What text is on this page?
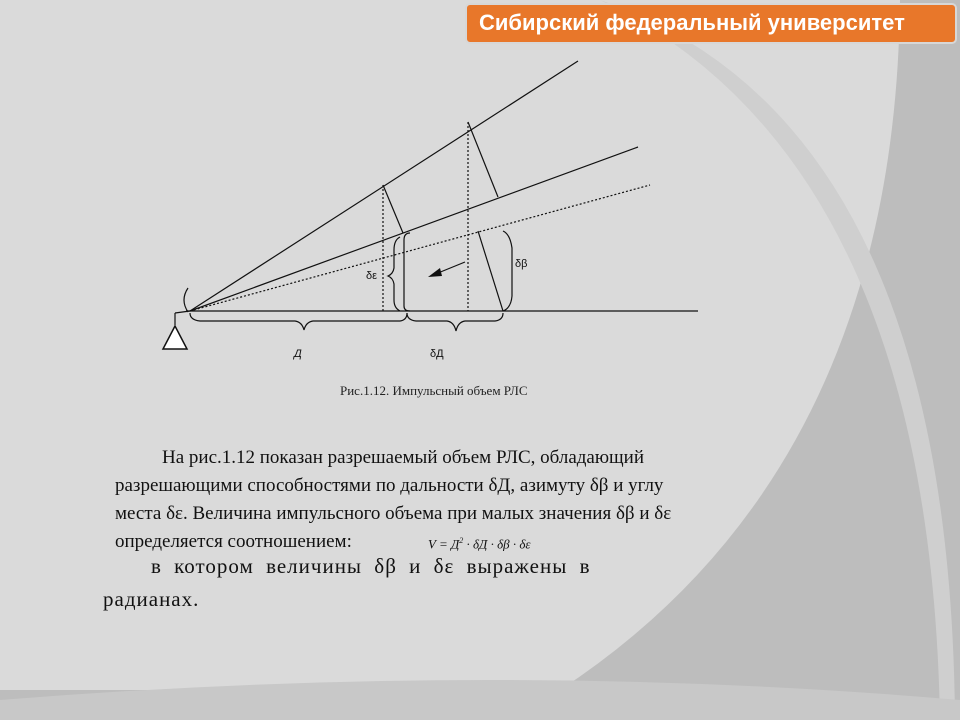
Сибирский федеральный университет
δε
δβ
Д	δД
Рис.1.12. Импульсный объем РЛС
На рис.1.12 показан разрешаемый объем РЛС, обладающий
разрешающими способностями по дальности δД, азимуту δβ и углу
места δε. Величина импульсного объема при малых значения δβ и δε
определяется соотношением:	$V = Д^2 \cdot \delta Д \cdot \delta\beta \cdot \delta\varepsilon$
в котором величины δβ и δε выражены в
радианах.
